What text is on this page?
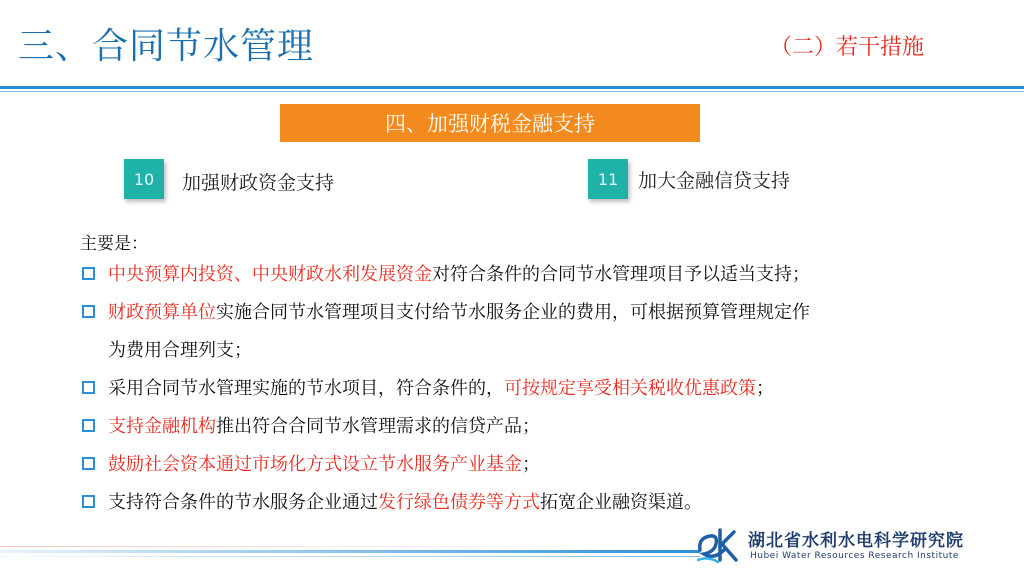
三、合同节水管理	（二）若干措施
四、加强财税金融支持
10	加强财政资金支持	11	加大金融信贷支持
主要是：
中央预算内投资、中央财政水利发展资金对符合条件的合同节水管理项目予以适当支持；
财政预算单位实施合同节水管理项目支付给节水服务企业的费用，可根据预算管理规定作
为费用合理列支；
采用合同节水管理实施的节水项目，符合条件的，可按规定享受相关税收优惠政策；
支持金融机构推出符合合同节水管理需求的信贷产品；
鼓励社会资本通过市场化方式设立节水服务产业基金；
支持符合条件的节水服务企业通过发行绿色债券等方式拓宽企业融资渠道。
湖北省水利水电科学研究院
Hubei Water Resources Research Institute
